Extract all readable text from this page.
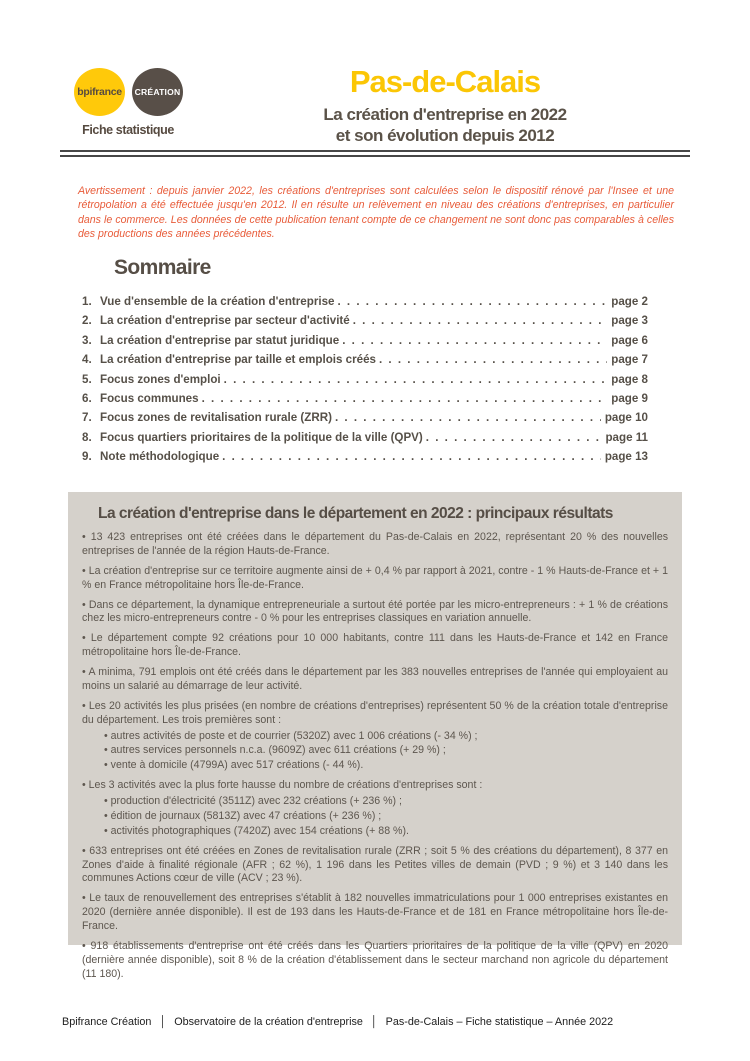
bpifrance CRÉATION
Fiche statistique
Pas-de-Calais
La création d'entreprise en 2022
et son évolution depuis 2012

Avertissement : depuis janvier 2022, les créations d'entreprises sont calculées selon le dispositif rénové par l'Insee et une rétropolation a été effectuée jusqu'en 2012. Il en résulte un relèvement en niveau des créations d'entreprises, en particulier dans le commerce. Les données de cette publication tenant compte de ce changement ne sont donc pas comparables à celles des productions des années précédentes.

Sommaire
1. Vue d'ensemble de la création d'entreprise . . .	page 2
2. La création d'entreprise par secteur d'activité . . .	page 3
3. La création d'entreprise par statut juridique . . .	page 6
4. La création d'entreprise par taille et emplois créés . . .	page 7
5. Focus zones d'emploi . . .	page 8
6. Focus communes . . .	page 9
7. Focus zones de revitalisation rurale (ZRR) . . .	page 10
8. Focus quartiers prioritaires de la politique de la ville (QPV) . . .	page 11
9. Note méthodologique . . .	page 13
La création d'entreprise dans le département en 2022 : principaux résultats

• 13 423 entreprises ont été créées dans le département du Pas-de-Calais en 2022, représentant 20 % des nouvelles entreprises de l'année de la région Hauts-de-France.

• La création d'entreprise sur ce territoire augmente ainsi de + 0,4 % par rapport à 2021, contre - 1 % Hauts-de-France et + 1 % en France métropolitaine hors Île-de-France.

• Dans ce département, la dynamique entrepreneuriale a surtout été portée par les micro-entrepreneurs : + 1 % de créations chez les micro-entrepreneurs contre - 0 % pour les entreprises classiques en variation annuelle.

• Le département compte 92 créations pour 10 000 habitants, contre 111 dans les Hauts-de-France et 142 en France métropolitaine hors Île-de-France.

• A minima, 791 emplois ont été créés dans le département par les 383 nouvelles entreprises de l'année qui employaient au moins un salarié au démarrage de leur activité.

• Les 20 activités les plus prisées (en nombre de créations d'entreprises) représentent 50 % de la création totale d'entreprise du département. Les trois premières sont :

• autres activités de poste et de courrier (5320Z) avec 1 006 créations (- 34 %) ;
• autres services personnels n.c.a. (9609Z) avec 611 créations (+ 29 %) ;
• vente à domicile (4799A) avec 517 créations (- 44 %).

• Les 3 activités avec la plus forte hausse du nombre de créations d'entreprises sont :

• production d'électricité (3511Z) avec 232 créations (+ 236 %) ;
• édition de journaux (5813Z) avec 47 créations (+ 236 %) ;
• activités photographiques (7420Z) avec 154 créations (+ 88 %).

• 633 entreprises ont été créées en Zones de revitalisation rurale (ZRR ; soit 5 % des créations du département), 8 377 en Zones d'aide à finalité régionale (AFR ; 62 %), 1 196 dans les Petites villes de demain (PVD ; 9 %) et 3 140 dans les communes Actions cœur de ville (ACV ; 23 %).

• Le taux de renouvellement des entreprises s'établit à 182 nouvelles immatriculations pour 1 000 entreprises existantes en 2020 (dernière année disponible). Il est de 193 dans les Hauts-de-France et de 181 en France métropolitaine hors Île-de-France.

• 918 établissements d'entreprise ont été créés dans les Quartiers prioritaires de la politique de la ville (QPV) en 2020 (dernière année disponible), soit 8 % de la création d'établissement dans le secteur marchand non agricole du département (11 180).

Bpifrance Création │ Observatoire de la création d'entreprise │ Pas-de-Calais – Fiche statistique – Année 2022
